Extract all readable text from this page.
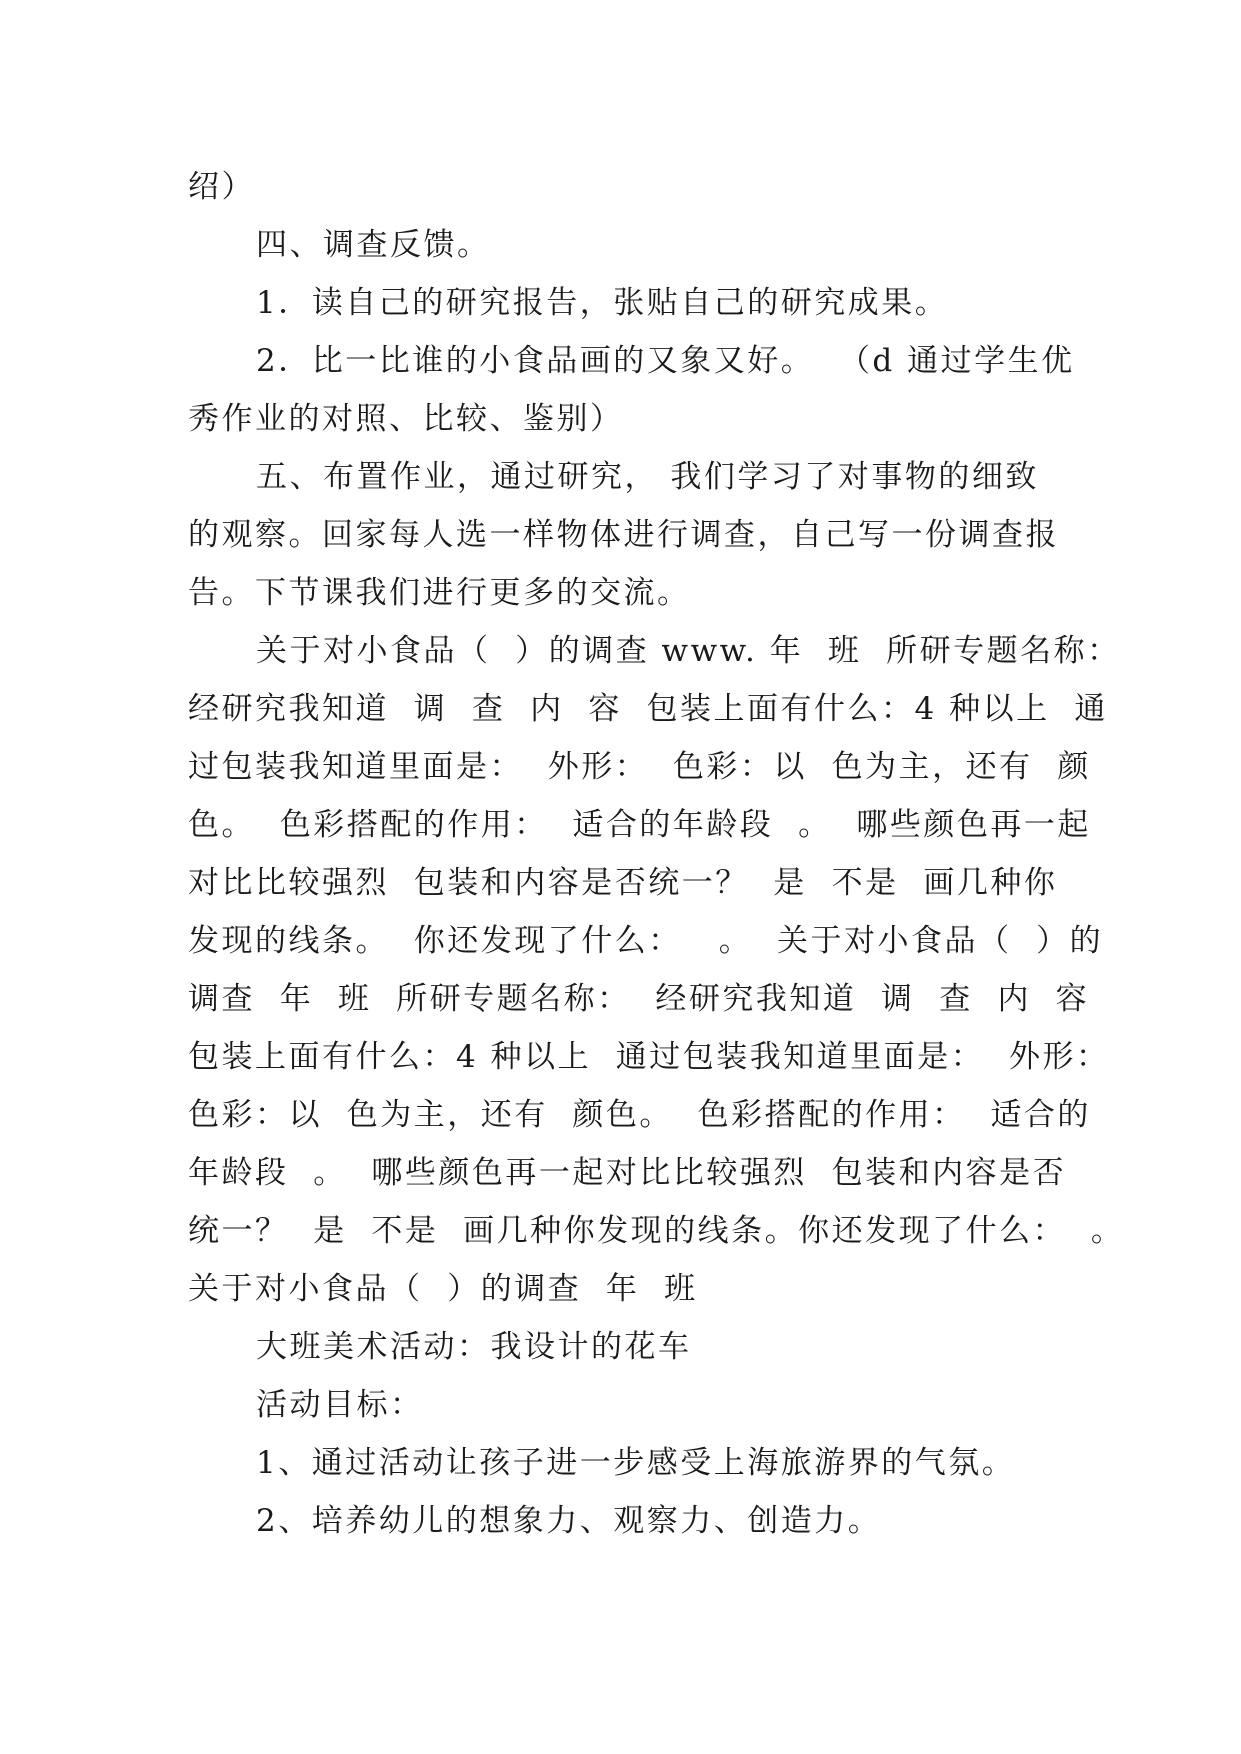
绍）
四、调查反馈。
1．读自己的研究报告，张贴自己的研究成果。
2．比一比谁的小食品画的又象又好。  （d 通过学生优
秀作业的对照、比较、鉴别）
五、布置作业，通过研究， 我们学习了对事物的细致
的观察。回家每人选一样物体进行调查，自己写一份调查报
告。下节课我们进行更多的交流。
关于对小食品（  ）的调查 www. 年  班  所研专题名称：
经研究我知道  调  查  内  容  包装上面有什么：4 种以上  通
过包装我知道里面是：  外形：  色彩：以  色为主，还有  颜
色。  色彩搭配的作用：  适合的年龄段  。  哪些颜色再一起
对比比较强烈  包装和内容是否统一？  是  不是  画几种你
发现的线条。  你还发现了什么：   。  关于对小食品（  ）的
调查  年  班  所研专题名称：  经研究我知道  调  查  内  容
包装上面有什么：4 种以上  通过包装我知道里面是：  外形：
色彩：以  色为主，还有  颜色。  色彩搭配的作用：  适合的
年龄段  。  哪些颜色再一起对比比较强烈  包装和内容是否
统一？  是  不是  画几种你发现的线条。你还发现了什么：  。
关于对小食品（  ）的调查  年  班
大班美术活动：我设计的花车
活动目标：
1、通过活动让孩子进一步感受上海旅游界的气氛。
2、培养幼儿的想象力、观察力、创造力。
